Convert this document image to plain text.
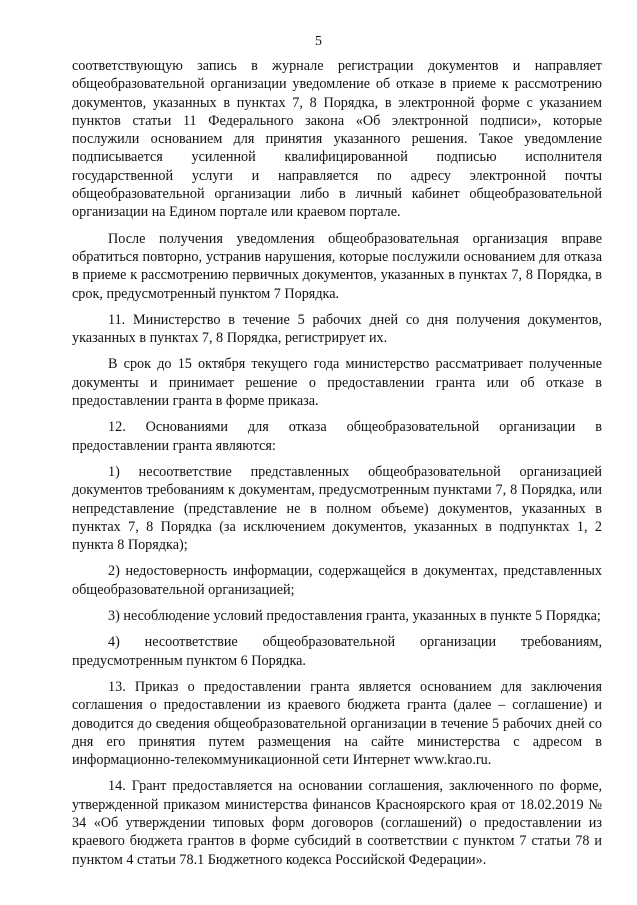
5

соответствующую запись в журнале регистрации документов и направляет общеобразовательной организации уведомление об отказе в приеме к рассмотрению документов, указанных в пунктах 7, 8 Порядка, в электронной форме с указанием пунктов статьи 11 Федерального закона «Об электронной подписи», которые послужили основанием для принятия указанного решения. Такое уведомление подписывается усиленной квалифицированной подписью исполнителя государственной услуги и направляется по адресу электронной почты общеобразовательной организации либо в личный кабинет общеобразовательной организации на Едином портале или краевом портале.

После получения уведомления общеобразовательная организация вправе обратиться повторно, устранив нарушения, которые послужили основанием для отказа в приеме к рассмотрению первичных документов, указанных в пунктах 7, 8 Порядка, в срок, предусмотренный пунктом 7 Порядка.

11. Министерство в течение 5 рабочих дней со дня получения документов, указанных в пунктах 7, 8 Порядка, регистрирует их.

В срок до 15 октября текущего года министерство рассматривает полученные документы и принимает решение о предоставлении гранта или об отказе в предоставлении гранта в форме приказа.

12. Основаниями для отказа общеобразовательной организации в предоставлении гранта являются:

1) несоответствие представленных общеобразовательной организацией документов требованиям к документам, предусмотренным пунктами 7, 8 Порядка, или непредставление (представление не в полном объеме) документов, указанных в пунктах 7, 8 Порядка (за исключением документов, указанных в подпунктах 1, 2 пункта 8 Порядка);

2) недостоверность информации, содержащейся в документах, представленных общеобразовательной организацией;

3) несоблюдение условий предоставления гранта, указанных в пункте 5 Порядка;

4) несоответствие общеобразовательной организации требованиям, предусмотренным пунктом 6 Порядка.

13. Приказ о предоставлении гранта является основанием для заключения соглашения о предоставлении из краевого бюджета гранта (далее – соглашение) и доводится до сведения общеобразовательной организации в течение 5 рабочих дней со дня его принятия путем размещения на сайте министерства с адресом в информационно-телекоммуникационной сети Интернет www.krao.ru.

14. Грант предоставляется на основании соглашения, заключенного по форме, утвержденной приказом министерства финансов Красноярского края от 18.02.2019 № 34 «Об утверждении типовых форм договоров (соглашений) о предоставлении из краевого бюджета грантов в форме субсидий в соответствии с пунктом 7 статьи 78 и пунктом 4 статьи 78.1 Бюджетного кодекса Российской Федерации».
